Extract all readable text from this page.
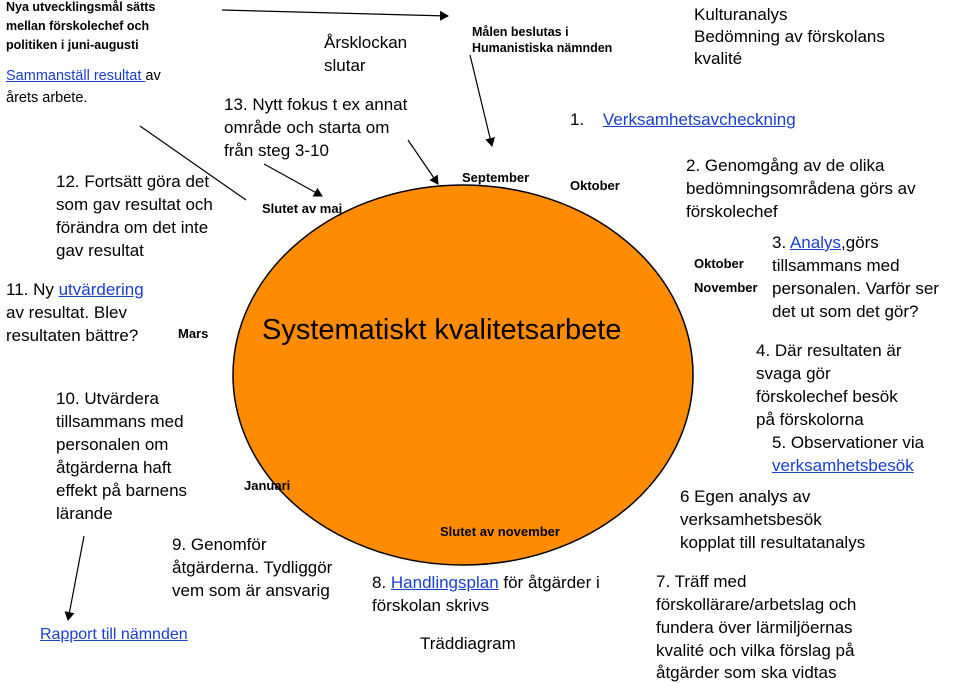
Nya utvecklingsmål sätts
mellan förskolechef och
politiken i juni-augusti
Sammanställ resultat av
årets arbete.
12. Fortsätt göra det
som gav resultat och
förändra om det inte
gav resultat
11. Ny utvärdering
av resultat. Blev
resultaten bättre?	Mars
10. Utvärdera
tillsammans med
personalen om
åtgärderna haft
effekt på barnens
lärande
Januari
Rapport till nämnden
Årsklockan
slutar
13. Nytt fokus t ex annat
område och starta om
från steg 3-10
Slutet av maj
Målen beslutas i
Humanistiska nämnden
September
Oktober
Systematiskt kvalitetsarbete
Kulturanalys
Bedömning av förskolans
kvalité
1. Verksamhetsavcheckning
2. Genomgång av de olika
bedömningsområdena görs av
förskolechef
3. Analys,görs
tillsammans med
personalen. Varför ser
det ut som det gör?
Oktober
November
4. Där resultaten är
svaga gör
förskolechef besök
på förskolorna
5. Observationer via
verksamhetsbesök
6 Egen analys av
verksamhetsbesök
kopplat till resultatanalys
7. Träff med
förskollärare/arbetslag och
fundera över lärmiljöernas
kvalité och vilka förslag på
åtgärder som ska vidtas
Slutet av november
8. Handlingsplan för åtgärder i
förskolan skrivs
Träddiagram
9. Genomför
åtgärderna. Tydliggör
vem som är ansvarig
